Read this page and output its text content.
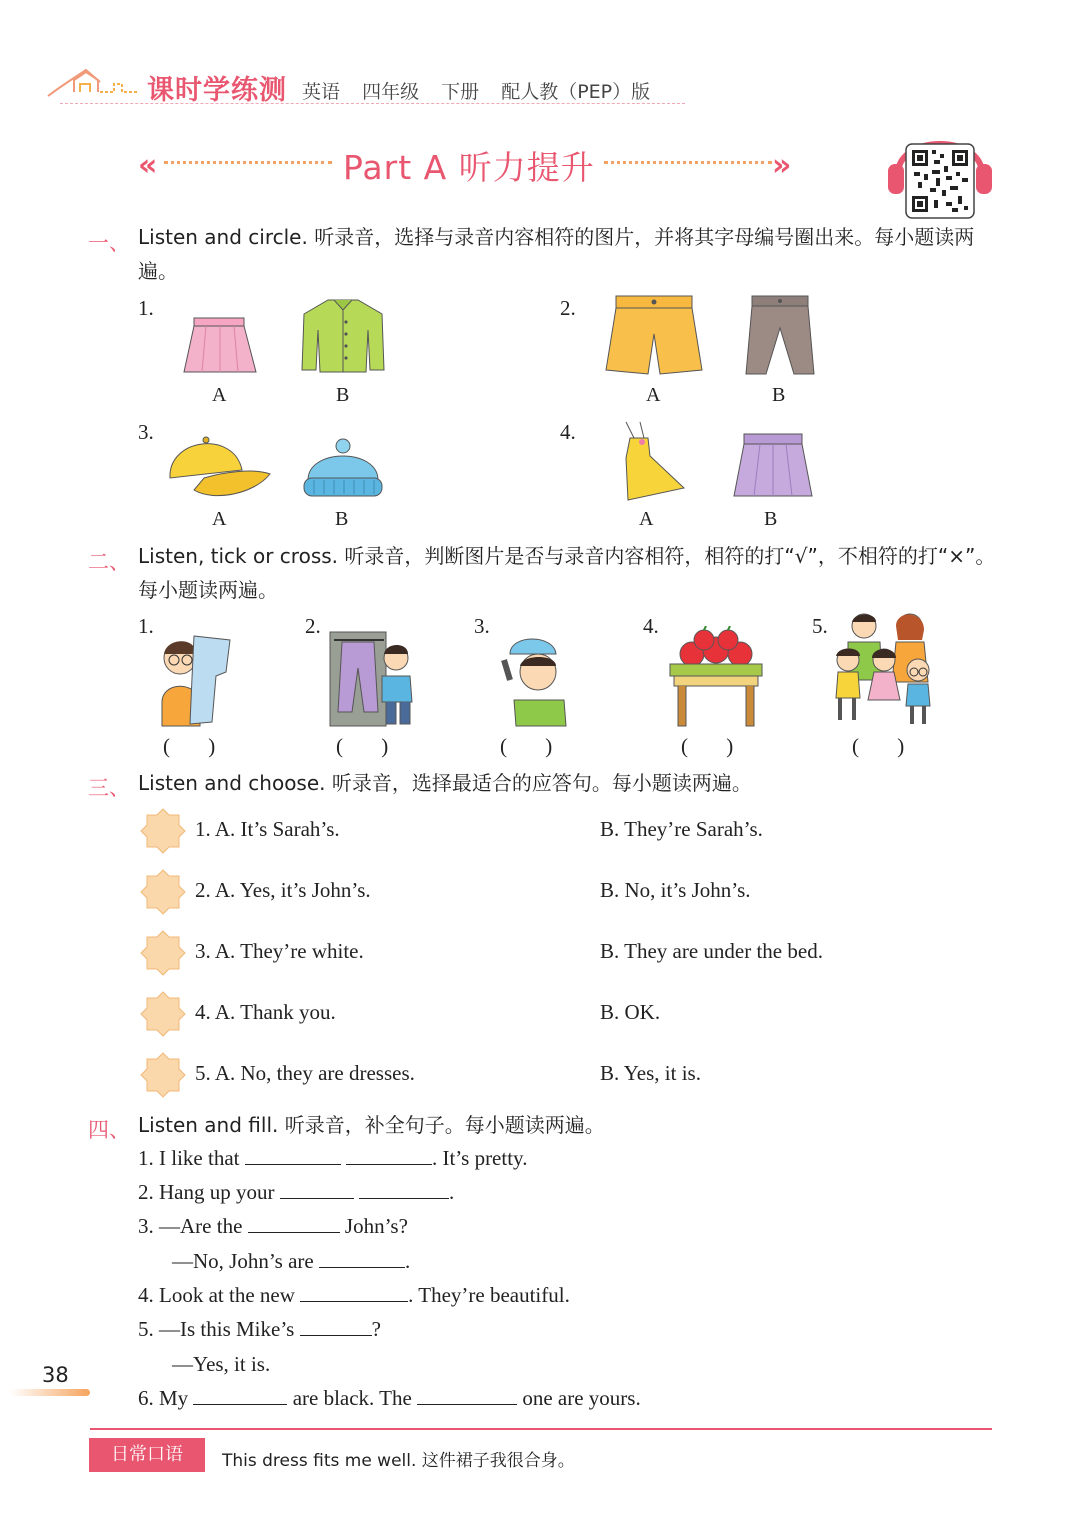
课时学练测 英语 四年级 下册 配人教（PEP）版
«	Part A 听力提升	»
一、 Listen and circle. 听录音，选择与录音内容相符的图片，并将其字母编号圈出来。每小题读两遍。
1.
A	B
2.
A	B
3.
A	B
4.
A	B
二、 Listen, tick or cross. 听录音，判断图片是否与录音内容相符，相符的打“√”，不相符的打“×”。每小题读两遍。
1.
(     )
2.
(     )
3.
(     )
4.
(     )
5.
(     )
三、 Listen and choose. 听录音，选择最适合的应答句。每小题读两遍。
1. A. It’s Sarah’s.	B. They’re Sarah’s.
2. A. Yes, it’s John’s.	B. No, it’s John’s.
3. A. They’re white.	B. They are under the bed.
4. A. Thank you.	B. OK.
5. A. No, they are dresses.	B. Yes, it is.
四、 Listen and fill. 听录音，补全句子。每小题读两遍。
1. I like that	. It’s pretty.
2. Hang up your	.
3. —Are the	John’s?
—No, John’s are	.
4. Look at the new	. They’re beautiful.
5. —Is this Mike’s	?
—Yes, it is.
6. My	are black. The	one are yours.
38
日常口语	This dress fits me well. 这件裙子我很合身。
